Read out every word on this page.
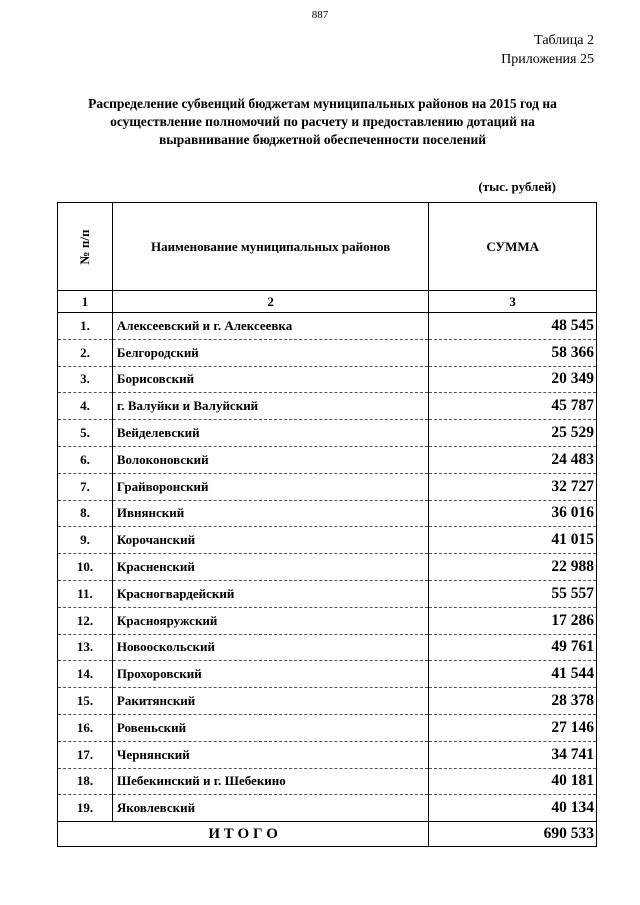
887
Таблица 2
Приложения 25
Распределение субвенций бюджетам муниципальных районов на 2015 год на
осуществление полномочий по расчету и предоставлению дотаций на
выравнивание бюджетной обеспеченности поселений
(тыс. рублей)
№ п/п	Наименование муниципальных районов	СУММА
1	2	3
1.	Алексеевский и г. Алексеевка	48 545
2.	Белгородский	58 366
3.	Борисовский	20 349
4.	г. Валуйки и Валуйский	45 787
5.	Вейделевский	25 529
6.	Волоконовский	24 483
7.	Грайворонский	32 727
8.	Ивнянский	36 016
9.	Корочанский	41 015
10.	Красненский	22 988
11.	Красногвардейский	55 557
12.	Краснояружский	17 286
13.	Новооскольский	49 761
14.	Прохоровский	41 544
15.	Ракитянский	28 378
16.	Ровеньский	27 146
17.	Чернянский	34 741
18.	Шебекинский и г. Шебекино	40 181
19.	Яковлевский	40 134
И Т О Г О		690 533
